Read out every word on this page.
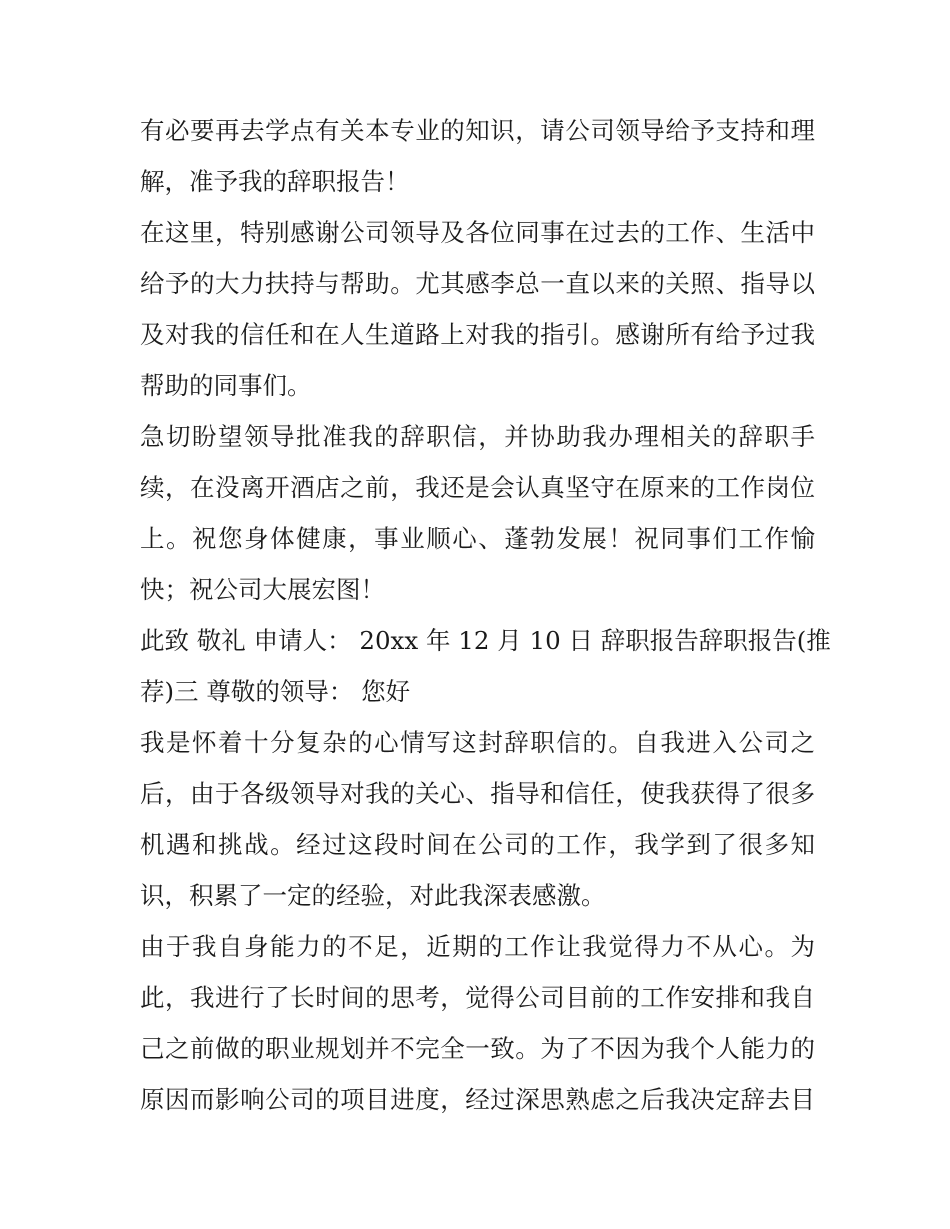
有必要再去学点有关本专业的知识，请公司领导给予支持和理
解，准予我的辞职报告！
在这里，特别感谢公司领导及各位同事在过去的工作、生活中
给予的大力扶持与帮助。尤其感李总一直以来的关照、指导以
及对我的信任和在人生道路上对我的指引。感谢所有给予过我
帮助的同事们。
急切盼望领导批准我的辞职信，并协助我办理相关的辞职手
续，在没离开酒店之前，我还是会认真坚守在原来的工作岗位
上。祝您身体健康，事业顺心、蓬勃发展！祝同事们工作愉
快；祝公司大展宏图！
此致 敬礼 申请人： 20xx 年 12 月 10 日 辞职报告辞职报告(推
荐)三 尊敬的领导： 您好
我是怀着十分复杂的心情写这封辞职信的。自我进入公司之
后，由于各级领导对我的关心、指导和信任，使我获得了很多
机遇和挑战。经过这段时间在公司的工作，我学到了很多知
识，积累了一定的经验，对此我深表感激。
由于我自身能力的不足，近期的工作让我觉得力不从心。为
此，我进行了长时间的思考，觉得公司目前的工作安排和我自
己之前做的职业规划并不完全一致。为了不因为我个人能力的
原因而影响公司的项目进度，经过深思熟虑之后我决定辞去目
